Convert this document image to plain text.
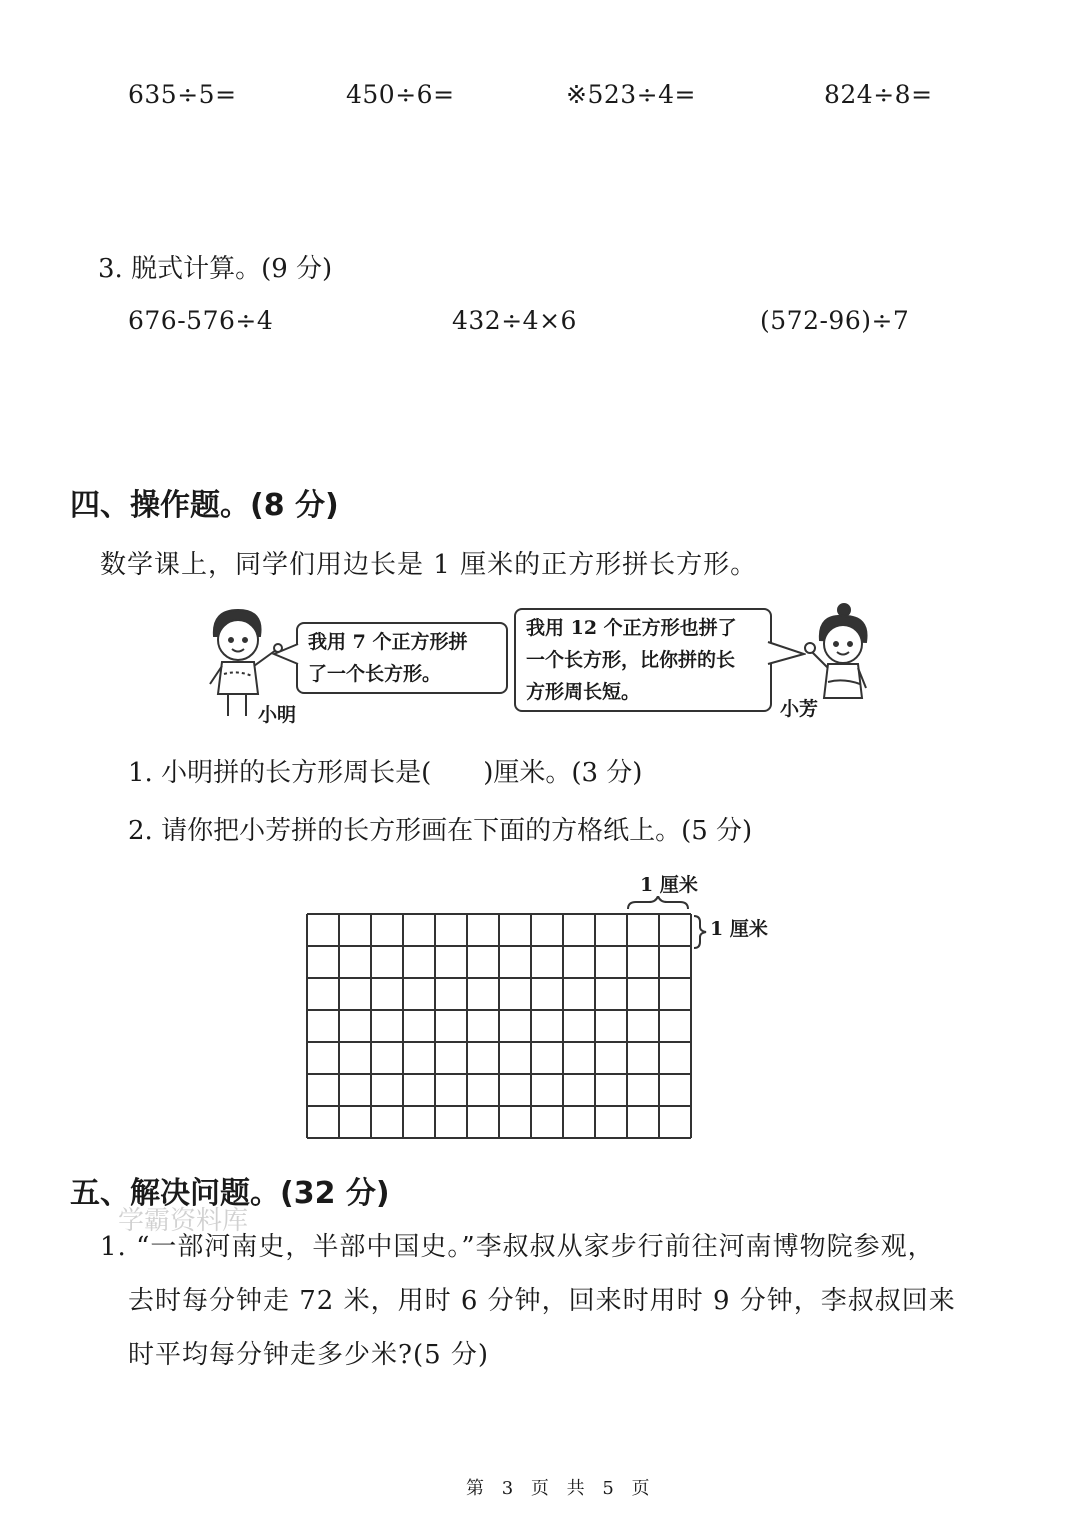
635÷5=	450÷6=	※523÷4=	824÷8=
3. 脱式计算。(9 分)
676-576÷4	432÷4×6	(572-96)÷7
四、操作题。(8 分)
数学课上，同学们用边长是 1 厘米的正方形拼长方形。
小明
我用 7 个正方形拼
了一个长方形。
我用 12 个正方形也拼了
一个长方形，比你拼的长
方形周长短。
小芳
1. 小明拼的长方形周长是(　　)厘米。(3 分)
2. 请你把小芳拼的长方形画在下面的方格纸上。(5 分)
1 厘米
1 厘米
五、解决问题。(32 分)
学霸资料库
1. “一部河南史，半部中国史。”李叔叔从家步行前往河南博物院参观，
去时每分钟走 72 米，用时 6 分钟，回来时用时 9 分钟，李叔叔回来
时平均每分钟走多少米?(5 分)
第 3 页 共 5 页
